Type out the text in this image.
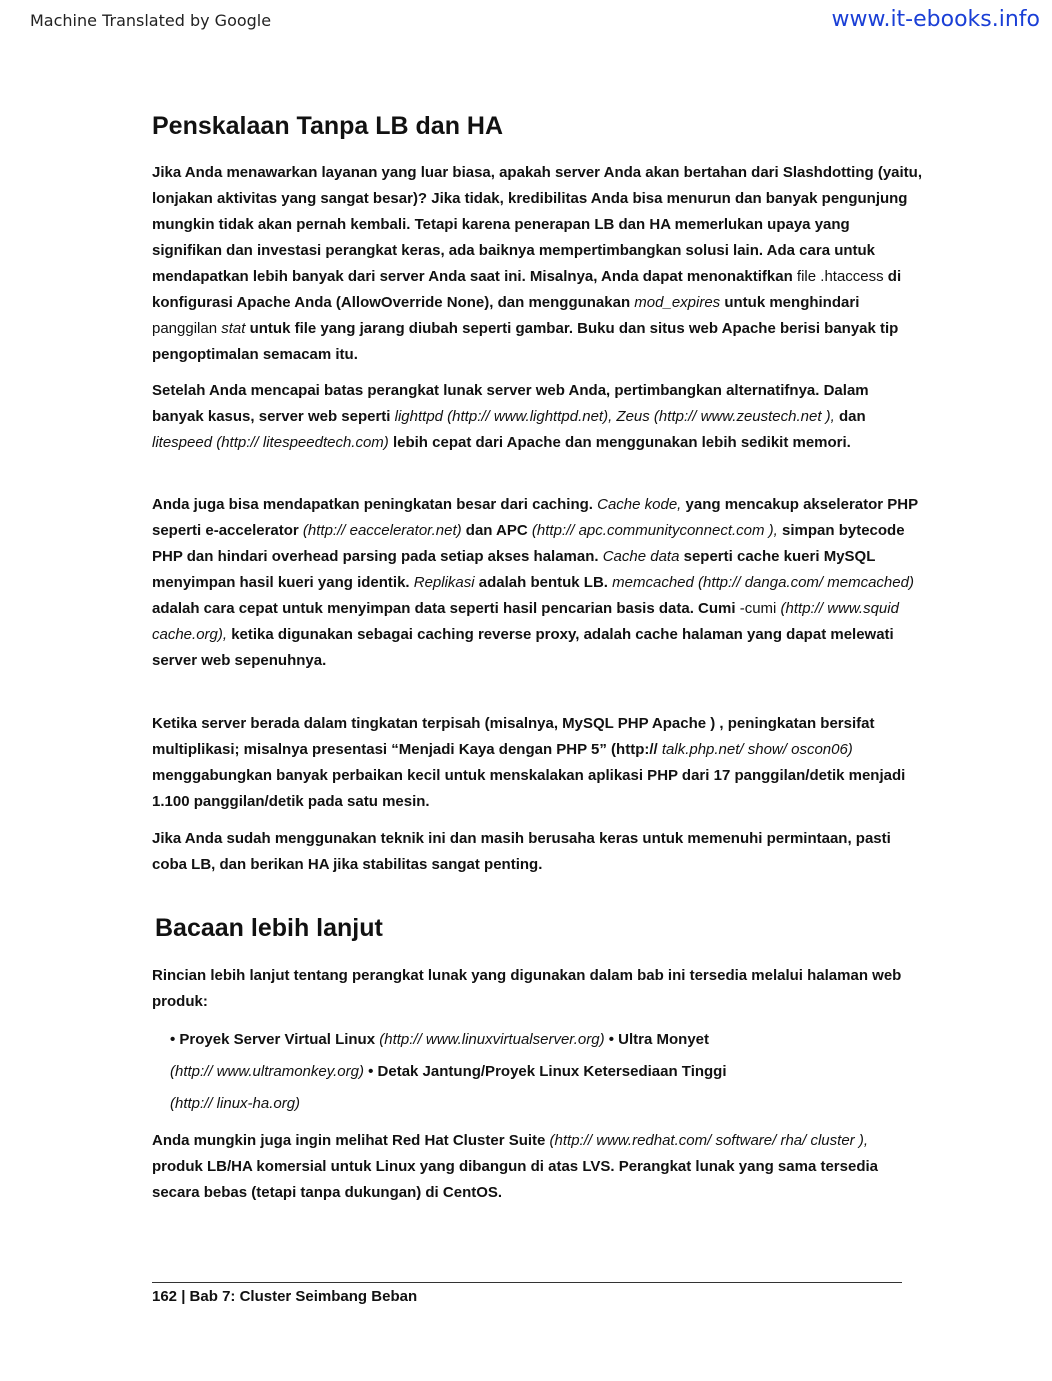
Machine Translated by Google	www.it-ebooks.info
Penskalaan Tanpa LB dan HA

Jika Anda menawarkan layanan yang luar biasa, apakah server Anda akan bertahan dari Slashdotting (yaitu, lonjakan aktivitas yang sangat besar)? Jika tidak, kredibilitas Anda bisa menurun dan banyak pengunjung mungkin tidak akan pernah kembali. Tetapi karena penerapan LB dan HA memerlukan upaya yang signifikan dan investasi perangkat keras, ada baiknya mempertimbangkan solusi lain. Ada cara untuk mendapatkan lebih banyak dari server Anda saat ini. Misalnya, Anda dapat menonaktifkan file .htaccess di konfigurasi Apache Anda (AllowOverride None), dan menggunakan mod_expires untuk menghindari panggilan stat untuk file yang jarang diubah seperti gambar. Buku dan situs web Apache berisi banyak tip pengoptimalan semacam itu.

Setelah Anda mencapai batas perangkat lunak server web Anda, pertimbangkan alternatifnya. Dalam banyak kasus, server web seperti lighttpd (http:// www.lighttpd.net), Zeus (http:// www.zeustech.net ), dan litespeed (http:// litespeedtech.com) lebih cepat dari Apache dan menggunakan lebih sedikit memori.

Anda juga bisa mendapatkan peningkatan besar dari caching. Cache kode, yang mencakup akselerator PHP seperti e-accelerator (http:// eaccelerator.net) dan APC (http:// apc.communityconnect.com ), simpan bytecode PHP dan hindari overhead parsing pada setiap akses halaman. Cache data seperti cache kueri MySQL menyimpan hasil kueri yang identik. Replikasi adalah bentuk LB. memcached (http:// danga.com/ memcached) adalah cara cepat untuk menyimpan data seperti hasil pencarian basis data. Cumi -cumi (http:// www.squid cache.org), ketika digunakan sebagai caching reverse proxy, adalah cache halaman yang dapat melewati server web sepenuhnya.

Ketika server berada dalam tingkatan terpisah (misalnya, MySQL PHP Apache ) , peningkatan bersifat multiplikasi; misalnya presentasi “Menjadi Kaya dengan PHP 5” (http:// talk.php.net/ show/ oscon06) menggabungkan banyak perbaikan kecil untuk menskalakan aplikasi PHP dari 17 panggilan/detik menjadi 1.100 panggilan/detik pada satu mesin.

Jika Anda sudah menggunakan teknik ini dan masih berusaha keras untuk memenuhi permintaan, pasti coba LB, dan berikan HA jika stabilitas sangat penting.

Bacaan lebih lanjut

Rincian lebih lanjut tentang perangkat lunak yang digunakan dalam bab ini tersedia melalui halaman web produk:

• Proyek Server Virtual Linux (http:// www.linuxvirtualserver.org) • Ultra Monyet
(http:// www.ultramonkey.org) • Detak Jantung/Proyek Linux Ketersediaan Tinggi
(http:// linux-ha.org)

Anda mungkin juga ingin melihat Red Hat Cluster Suite (http:// www.redhat.com/ software/ rha/ cluster ), produk LB/HA komersial untuk Linux yang dibangun di atas LVS. Perangkat lunak yang sama tersedia secara bebas (tetapi tanpa dukungan) di CentOS.

162 | Bab 7: Cluster Seimbang Beban
